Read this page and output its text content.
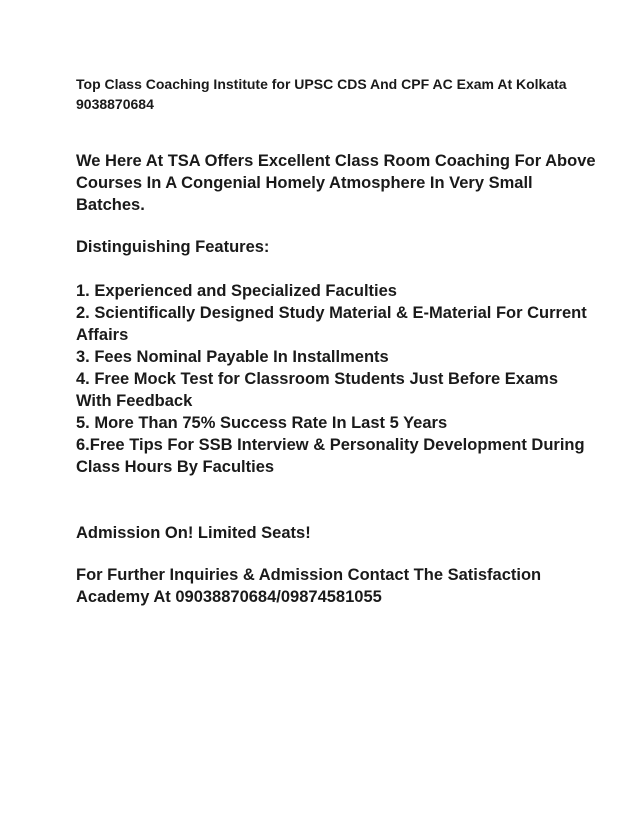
Top Class Coaching Institute for UPSC CDS And CPF AC Exam At Kolkata 9038870684

We Here At TSA Offers Excellent Class Room Coaching For Above Courses In A Congenial Homely Atmosphere In Very Small Batches.

Distinguishing Features:

1. Experienced and Specialized Faculties
2. Scientifically Designed Study Material & E-Material For Current Affairs
3. Fees Nominal Payable In Installments
4. Free Mock Test for Classroom Students Just Before Exams With Feedback
5. More Than 75% Success Rate In Last 5 Years
6.Free Tips For SSB Interview & Personality Development During Class Hours By Faculties

Admission On! Limited Seats!

For Further Inquiries & Admission Contact The Satisfaction Academy At 09038870684/09874581055
